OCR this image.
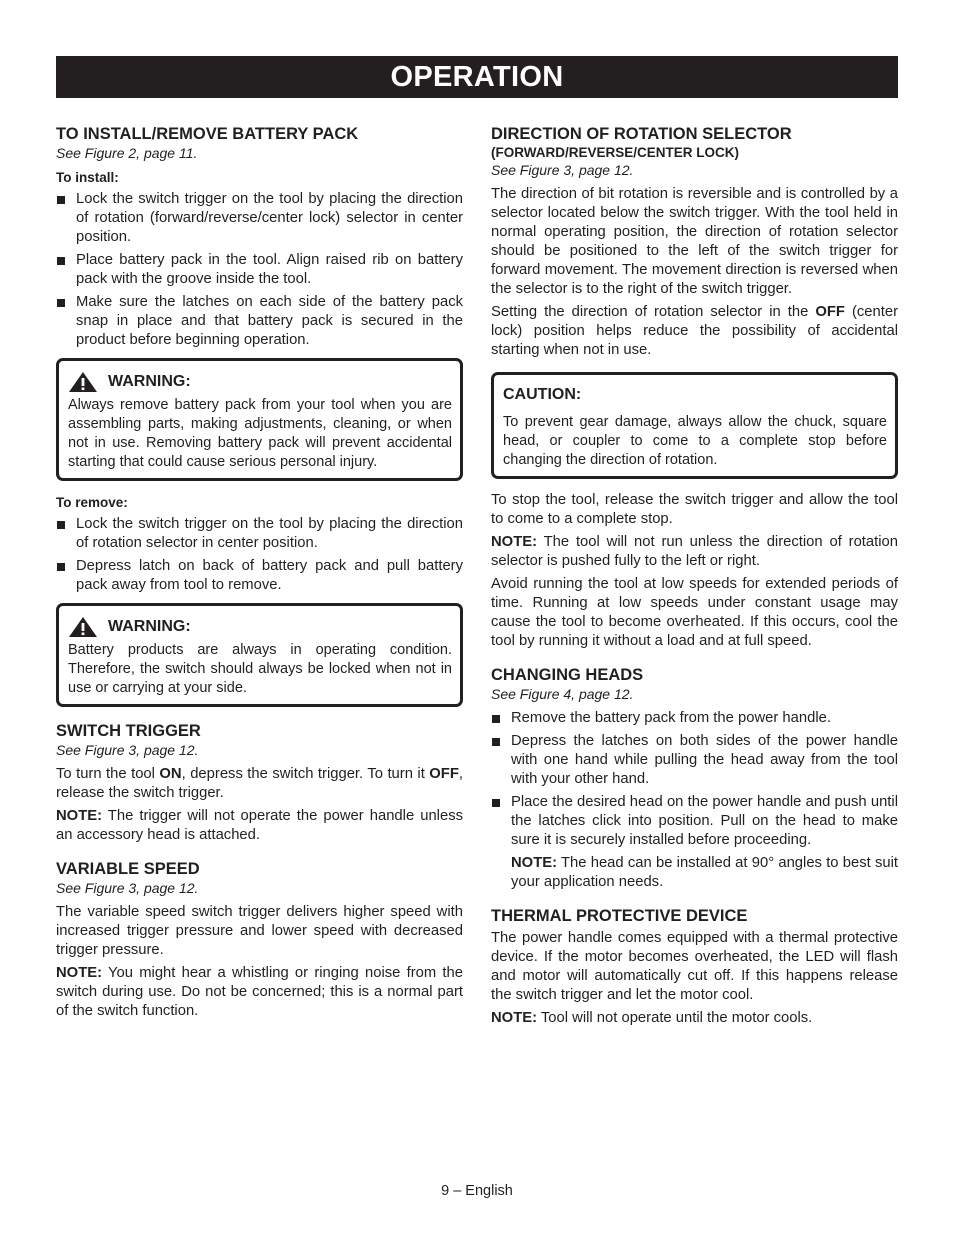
OPERATION
TO INSTALL/REMOVE BATTERY PACK
See Figure 2, page 11.
To install:
Lock the switch trigger on the tool by placing the direction of rotation (forward/reverse/center lock) selector in center position.
Place battery pack in the tool. Align raised rib on battery pack with the groove inside the tool.
Make sure the latches on each side of the battery pack snap in place and that battery pack is secured in the product before beginning operation.
WARNING:

Always remove battery pack from your tool when you are assembling parts, making adjustments, cleaning, or when not in use. Removing battery pack will prevent accidental starting that could cause serious personal injury.

To remove:
Lock the switch trigger on the tool by placing the direction of rotation selector in center position.
Depress latch on back of battery pack and pull battery pack away from tool to remove.
WARNING:

Battery products are always in operating condition. Therefore, the switch should always be locked when not in use or carrying at your side.

SWITCH TRIGGER
See Figure 3, page 12.

To turn the tool ON, depress the switch trigger. To turn it OFF, release the switch trigger.

NOTE: The trigger will not operate the power handle unless an accessory head is attached.

VARIABLE SPEED
See Figure 3, page 12.

The variable speed switch trigger delivers higher speed with increased trigger pressure and lower speed with decreased trigger pressure.

NOTE: You might hear a whistling or ringing noise from the switch during use. Do not be concerned; this is a normal part of the switch function.

DIRECTION OF ROTATION SELECTOR
(FORWARD/REVERSE/CENTER LOCK)
See Figure 3, page 12.

The direction of bit rotation is reversible and is controlled by a selector located below the switch trigger. With the tool held in normal operating position, the direction of rotation selector should be positioned to the left of the switch trigger for forward movement. The movement direction is reversed when the selector is to the right of the switch trigger.

Setting the direction of rotation selector in the OFF (center lock) position helps reduce the possibility of accidental starting when not in use.

CAUTION:

To prevent gear damage, always allow the chuck, square head, or coupler to come to a complete stop before changing the direction of rotation.

To stop the tool, release the switch trigger and allow the tool to come to a complete stop.

NOTE: The tool will not run unless the direction of rotation selector is pushed fully to the left or right.

Avoid running the tool at low speeds for extended periods of time. Running at low speeds under constant usage may cause the tool to become overheated. If this occurs, cool the tool by running it without a load and at full speed.

CHANGING HEADS
See Figure 4, page 12.
Remove the battery pack from the power handle.
Depress the latches on both sides of the power handle with one hand while pulling the head away from the tool with your other hand.
Place the desired head on the power handle and push until the latches click into position. Pull on the head to make sure it is securely installed before proceeding.

NOTE: The head can be installed at 90° angles to best suit your application needs.

THERMAL PROTECTIVE DEVICE

The power handle comes equipped with a thermal protective device. If the motor becomes overheated, the LED will flash and motor will automatically cut off. If this happens release the switch trigger and let the motor cool.

NOTE: Tool will not operate until the motor cools.

9 – English
